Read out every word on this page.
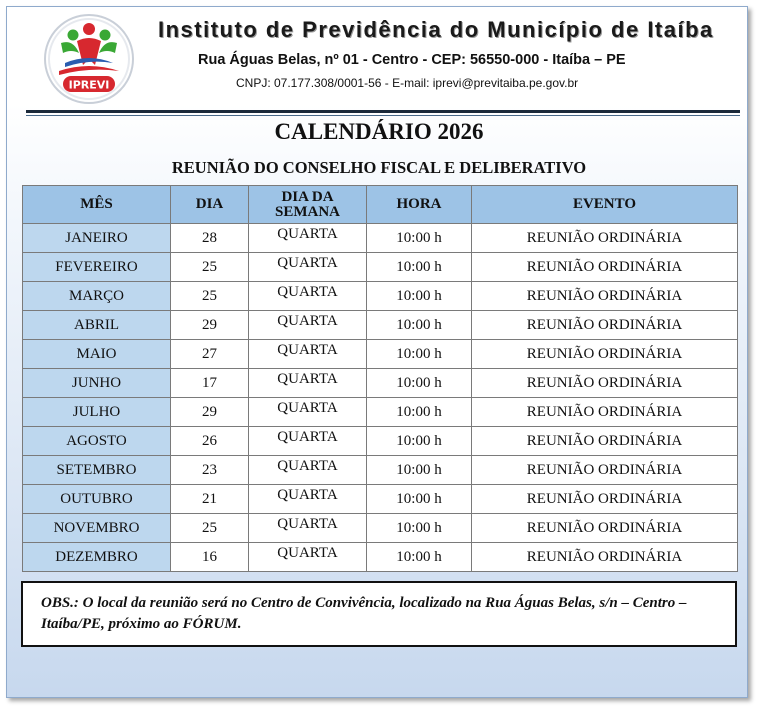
IPREVI
Instituto de Previdência do Município de Itaíba
Rua Águas Belas, nº 01 - Centro - CEP: 56550-000 - Itaíba – PE
CNPJ: 07.177.308/0001-56 - E-mail: iprevi@previtaiba.pe.gov.br
CALENDÁRIO 2026
REUNIÃO DO CONSELHO FISCAL E DELIBERATIVO
MÊS	DIA	DIA DA SEMANA	HORA	EVENTO
JANEIRO	28	QUARTA	10:00 h	REUNIÃO ORDINÁRIA
FEVEREIRO	25	QUARTA	10:00 h	REUNIÃO ORDINÁRIA
MARÇO	25	QUARTA	10:00 h	REUNIÃO ORDINÁRIA
ABRIL	29	QUARTA	10:00 h	REUNIÃO ORDINÁRIA
MAIO	27	QUARTA	10:00 h	REUNIÃO ORDINÁRIA
JUNHO	17	QUARTA	10:00 h	REUNIÃO ORDINÁRIA
JULHO	29	QUARTA	10:00 h	REUNIÃO ORDINÁRIA
AGOSTO	26	QUARTA	10:00 h	REUNIÃO ORDINÁRIA
SETEMBRO	23	QUARTA	10:00 h	REUNIÃO ORDINÁRIA
OUTUBRO	21	QUARTA	10:00 h	REUNIÃO ORDINÁRIA
NOVEMBRO	25	QUARTA	10:00 h	REUNIÃO ORDINÁRIA
DEZEMBRO	16	QUARTA	10:00 h	REUNIÃO ORDINÁRIA
OBS.: O local da reunião será no Centro de Convivência, localizado na Rua Águas Belas, s/n – Centro – Itaíba/PE, próximo ao FÓRUM.
